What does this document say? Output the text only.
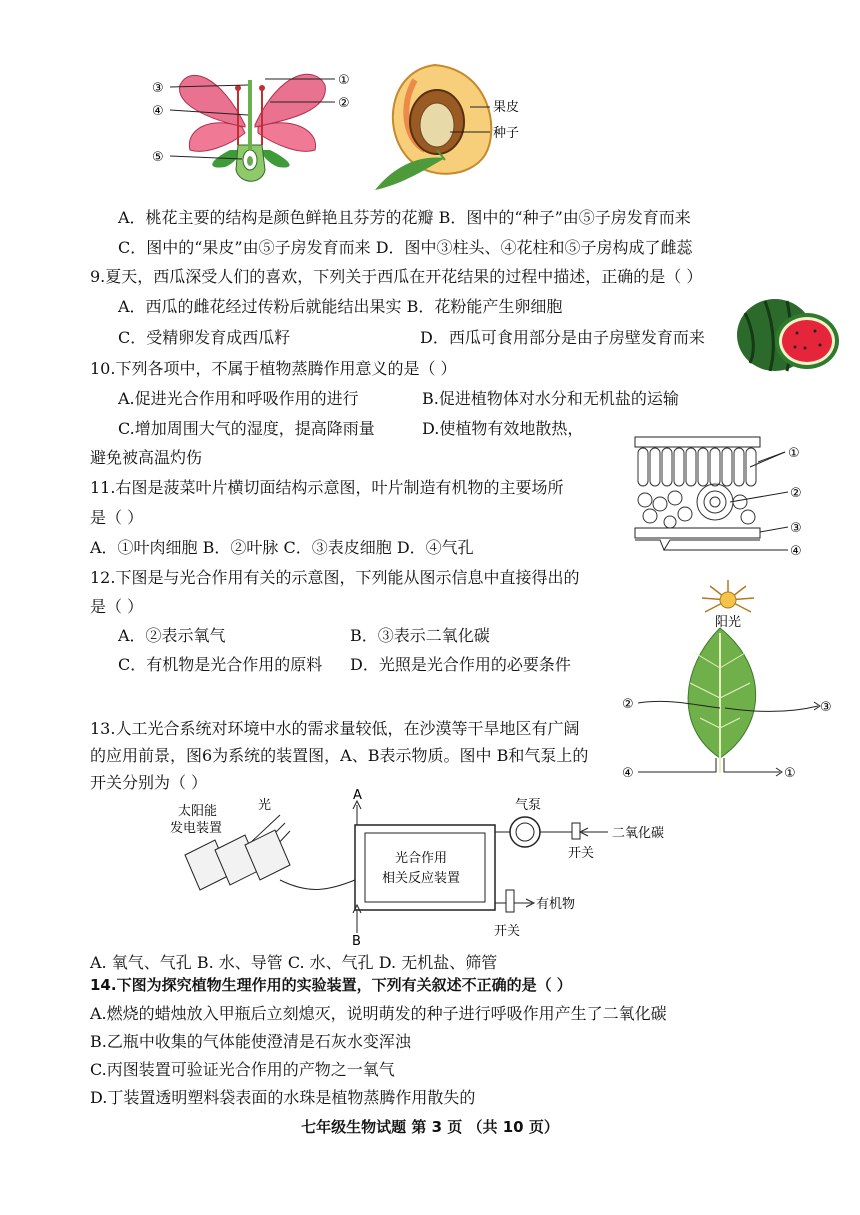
③
④
⑤
①
②	果皮
种子
A．桃花主要的结构是颜色鲜艳且芬芳的花瓣 B．图中的“种子”由⑤子房发育而来
C．图中的“果皮”由⑤子房发育而来 D．图中③柱头、④花柱和⑤子房构成了雌蕊
9.夏天，西瓜深受人们的喜欢，下列关于西瓜在开花结果的过程中描述，正确的是（ ）
A．西瓜的雌花经过传粉后就能结出果实 B．花粉能产生卵细胞
C．受精卵发育成西瓜籽	D．西瓜可食用部分是由子房壁发育而来
10.下列各项中，不属于植物蒸腾作用意义的是（ ）
A.促进光合作用和呼吸作用的进行	B.促进植物体对水分和无机盐的运输
C.增加周围大气的湿度，提高降雨量	D.使植物有效地散热，
避免被高温灼伤	①
②
③
④
11.右图是菠菜叶片横切面结构示意图，叶片制造有机物的主要场所
是（ ）
A．①叶肉细胞 B．②叶脉 C．③表皮细胞 D．④气孔
12.下图是与光合作用有关的示意图，下列能从图示信息中直接得出的
是（ ）
A．②表示氧气	B．③表示二氧化碳
C．有机物是光合作用的原料 D．光照是光合作用的必要条件
阳光
②	③
④	①
13.人工光合系统对环境中水的需求量较低，在沙漠等干旱地区有广阔
的应用前景，图6为系统的装置图，A、B表示物质。图中 B和气泵上的
开关分别为（ ）
太阳能
发电装置
光
光合作用
相关反应装置
A
B
气泵
二氧化碳
开关
有机物
开关
A. 氧气、气孔 B. 水、导管 C. 水、气孔 D. 无机盐、筛管
14.下图为探究植物生理作用的实验装置，下列有关叙述不正确的是（ ）
A.燃烧的蜡烛放入甲瓶后立刻熄灭，说明萌发的种子进行呼吸作用产生了二氧化碳
B.乙瓶中收集的气体能使澄清是石灰水变浑浊
C.丙图装置可验证光合作用的产物之一氧气
D.丁装置透明塑料袋表面的水珠是植物蒸腾作用散失的
七年级生物试题 第 3 页 （共 10 页）
